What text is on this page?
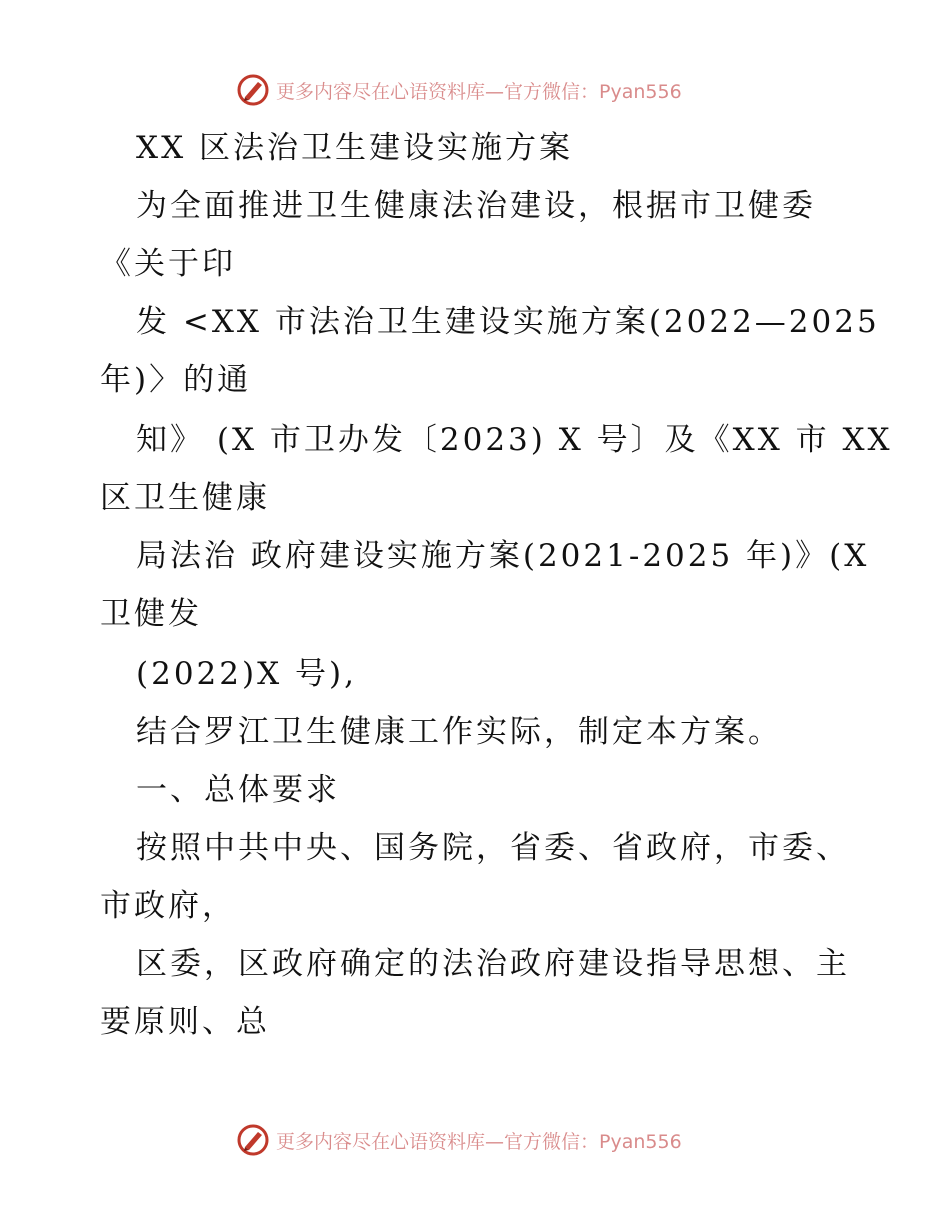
更多内容尽在心语资料库—官方微信：Pyan556
XX 区法治卫生建设实施方案
为全面推进卫生健康法治建设，根据市卫健委
《关于印
发 <XX 市法治卫生建设实施方案(2022—2025
年)〉的通
知》 (X 市卫办发〔2023) X 号〕及《XX 市 XX
区卫生健康
局法治 政府建设实施方案(2021-2025 年)》(X
卫健发
(2022)X 号),
结合罗江卫生健康工作实际，制定本方案。
一、总体要求
按照中共中央、国务院，省委、省政府，市委、
市政府，
区委，区政府确定的法治政府建设指导思想、主
要原则、总
更多内容尽在心语资料库—官方微信：Pyan556
